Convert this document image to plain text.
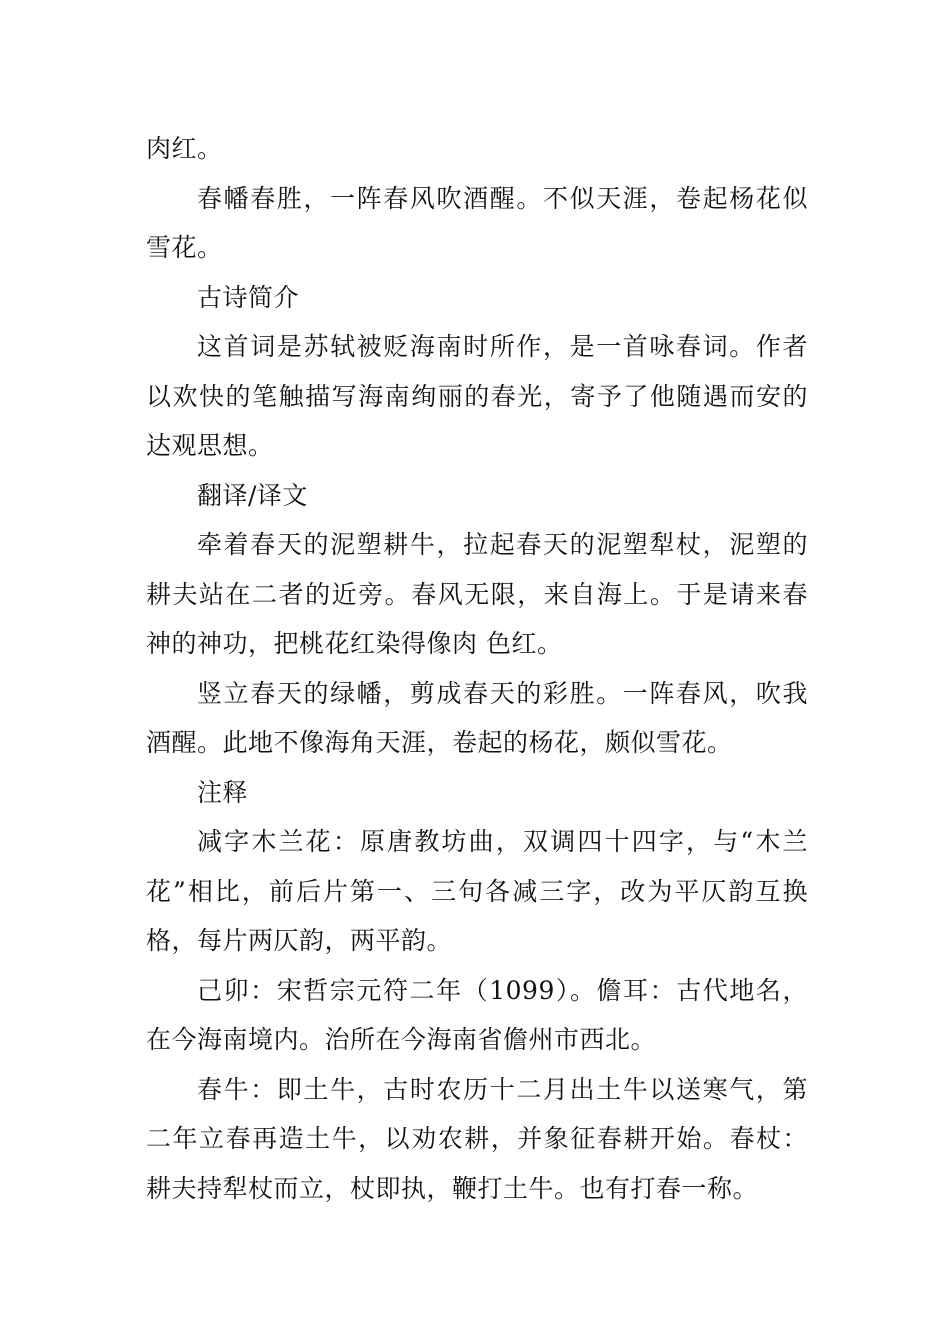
肉红。

春幡春胜，一阵春风吹酒醒。不似天涯，卷起杨花似雪花。

古诗简介

这首词是苏轼被贬海南时所作，是一首咏春词。作者以欢快的笔触描写海南绚丽的春光，寄予了他随遇而安的达观思想。

翻译/译文

牵着春天的泥塑耕牛，拉起春天的泥塑犁杖，泥塑的耕夫站在二者的近旁。春风无限，来自海上。于是请来春神的神功，把桃花红染得像肉 色红。

竖立春天的绿幡，剪成春天的彩胜。一阵春风，吹我酒醒。此地不像海角天涯，卷起的杨花，颇似雪花。

注释

减字木兰花：原唐教坊曲，双调四十四字，与“木兰花”相比，前后片第一、三句各减三字，改为平仄韵互换格，每片两仄韵，两平韵。

己卯：宋哲宗元符二年（1099）。儋耳：古代地名，在今海南境内。治所在今海南省儋州市西北。

春牛：即土牛，古时农历十二月出土牛以送寒气，第二年立春再造土牛，以劝农耕，并象征春耕开始。春杖：耕夫持犁杖而立，杖即执，鞭打土牛。也有打春一称。
